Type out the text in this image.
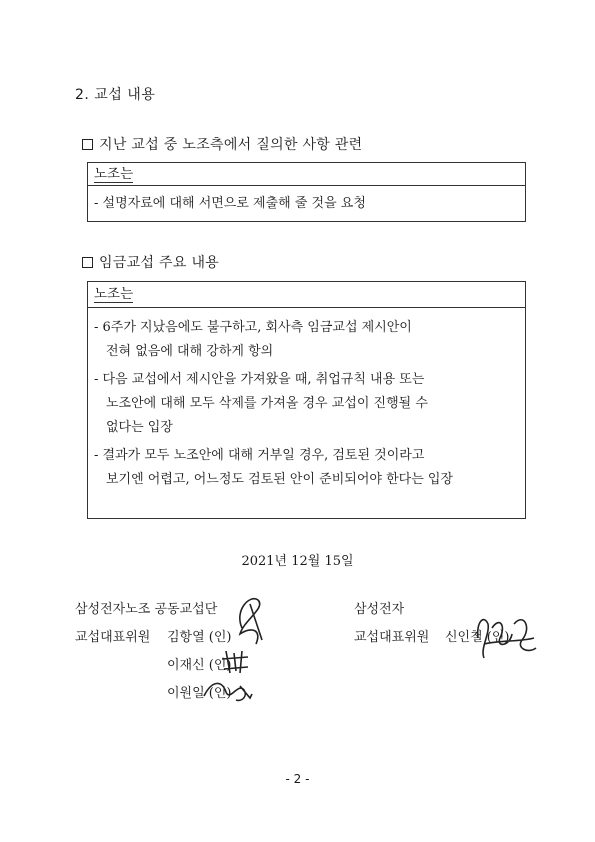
2. 교섭 내용
지난 교섭 중 노조측에서 질의한 사항 관련
노조는
- 설명자료에 대해 서면으로 제출해 줄 것을 요청
임금교섭 주요 내용
노조는
- 6주가 지났음에도 불구하고, 회사측 임금교섭 제시안이
전혀 없음에 대해 강하게 항의
- 다음 교섭에서 제시안을 가져왔을 때, 취업규칙 내용 또는
노조안에 대해 모두 삭제를 가져올 경우 교섭이 진행될 수
없다는 입장
- 결과가 모두 노조안에 대해 거부일 경우, 검토된 것이라고
보기엔 어렵고, 어느정도 검토된 안이 준비되어야 한다는 입장
2021년 12월 15일
삼성전자노조 공동교섭단
교섭대표위원 김항열 (인)
이재신 (인)
이원일 (인)
삼성전자
교섭대표위원 신인철 (인)
- 2 -
